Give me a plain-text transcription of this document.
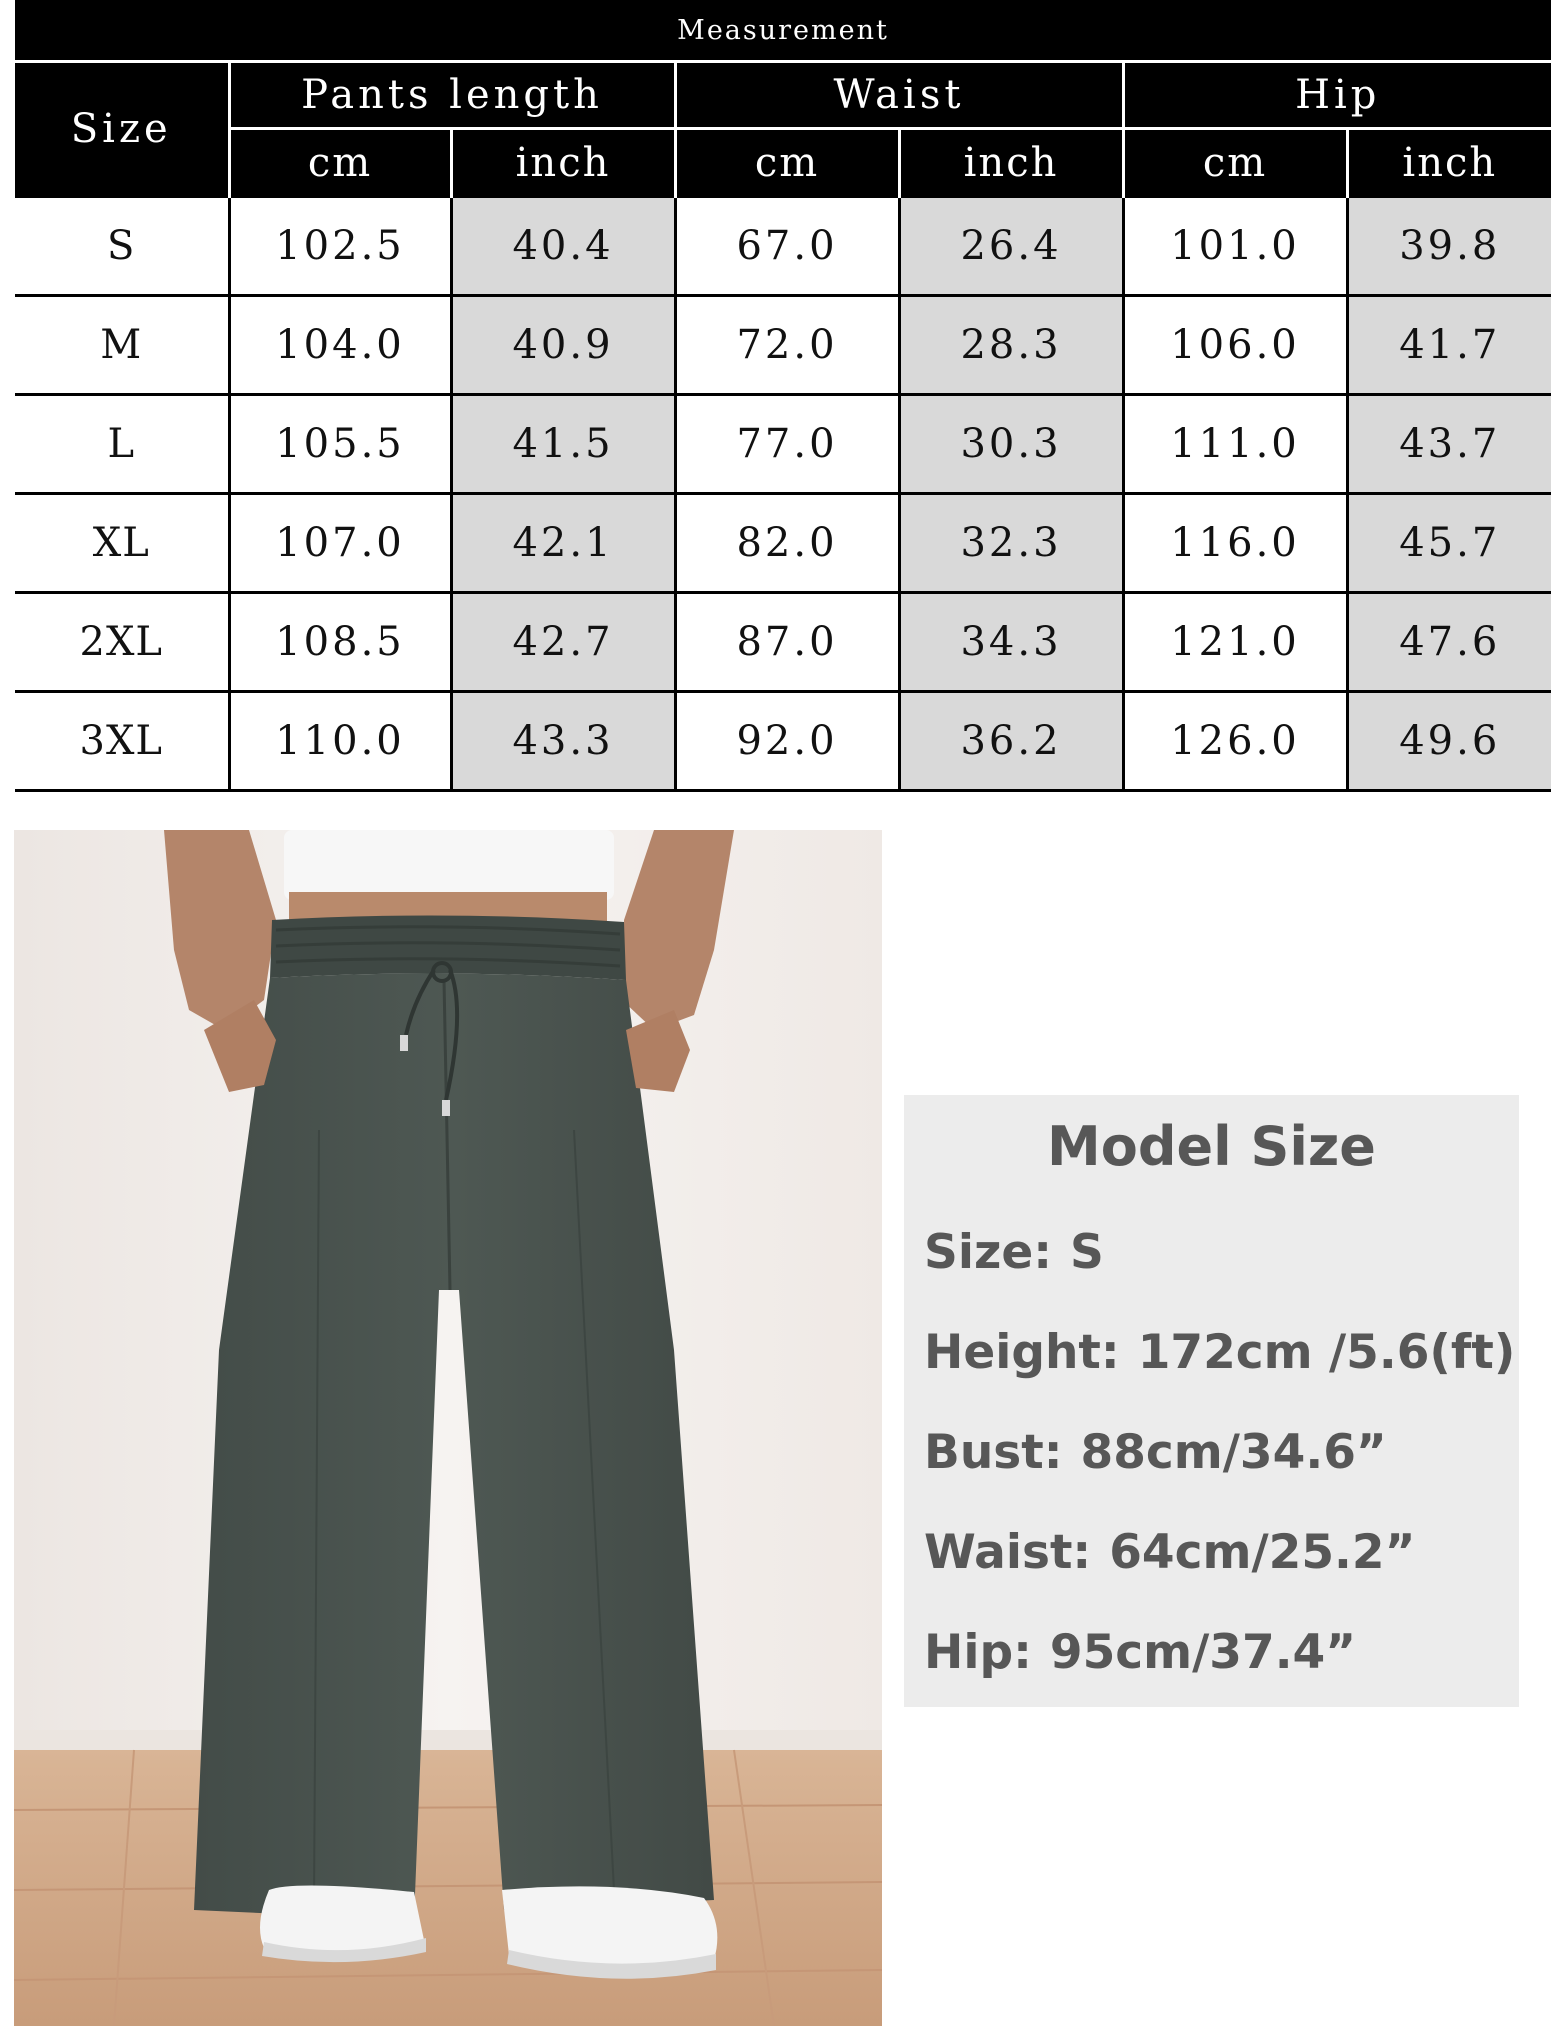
Measurement						
Size	Pants length		Waist		Hip	
	cm	inch	cm	inch	cm	inch
S	102.5	40.4	67.0	26.4	101.0	39.8
M	104.0	40.9	72.0	28.3	106.0	41.7
L	105.5	41.5	77.0	30.3	111.0	43.7
XL	107.0	42.1	82.0	32.3	116.0	45.7
2XL	108.5	42.7	87.0	34.3	121.0	47.6
3XL	110.0	43.3	92.0	36.2	126.0	49.6
Model Size
Size: S
Height: 172cm /5.6(ft)
Bust: 88cm/34.6”
Waist: 64cm/25.2”
Hip: 95cm/37.4”
